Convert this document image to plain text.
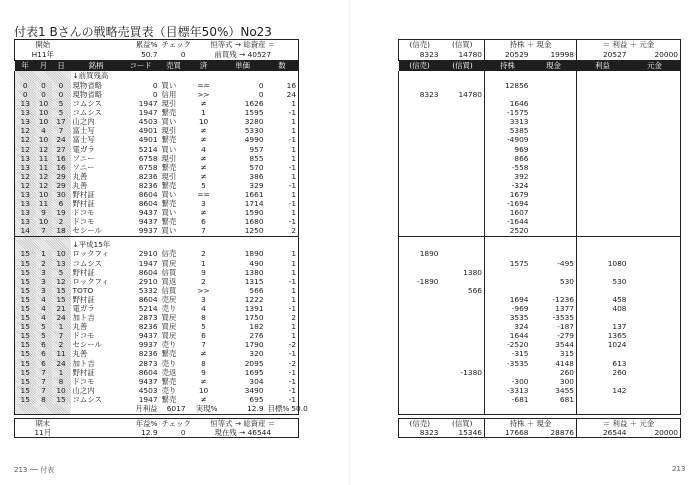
付表1 Bさんの戦略売買表（目標年50%）No23
開始			累益%		チェック	恒等式 → 総資産 ＝		
H11年			50.7		0	前買残 → 40527		
年	月	日	銘柄	コード	売買	済	単価	数
			↓前買残高					
0	0	0	現物省略	0	買い	==	0	16
0	0	0	現物省略	0	信用	>>	0	24
13	10	5	コムシス	1947	現引	≠	1626	1
13	10	5	コムシス	1947	繋売	1	1595	-1
13	10	17	山之内	4503	買い	10	3280	1
12	4	7	富士写	4901	現引	≠	5330	1
12	10	24	富士写	4901	繋売	≠	4990	-1
12	12	27	電ガラ	5214	買い	4	957	1
13	11	16	ソニー	6758	現引	≠	855	1
13	11	16	ソニー	6758	繋売	≠	570	-1
12	12	29	丸善	8236	現引	≠	386	1
12	12	29	丸善	8236	繋売	5	329	-1
13	10	30	野村証	8604	買い	==	1661	1
13	11	6	野村証	8604	繋売	3	1714	-1
13	9	19	ドコモ	9437	買い	≠	1590	1
13	10	2	ドコモ	9437	繋売	6	1680	-1
14	7	18	セシール	9937	買い	7	1250	2

			↓平成15年					
15	1	10	ロックフィ	2910	信売	2	1890	1
15	2	13	コムシス	1947	買戻	1	490	1
15	3	5	野村証	8604	信買	9	1380	1
15	3	12	ロックフィ	2910	買返	2	1315	-1
15	3	15	TOTO	5332	信買	>>	566	1
15	4	15	野村証	8604	売戻	3	1222	1
15	4	21	電ガラ	5214	売り	4	1391	-1
15	4	24	加ト吉	2873	買戻	8	1750	2
15	5	1	丸善	8236	買戻	5	182	1
15	5	7	ドコモ	9437	買戻	6	276	1
15	6	2	セシール	9937	売り	7	1790	-2
15	6	11	丸善	8236	繋売	≠	320	-1
15	6	24	加ト吉	2873	売り	8	2095	-2
15	7	1	野村証	8604	売返	9	1695	-1
15	7	8	ドコモ	9437	繋売	≠	304	-1
15	7	10	山之内	4503	売り	10	3490	-1
15	8	15	コムシス	1947	繋売	≠	695	-1
			月利益		6017	実現%	12.9	目標% 50.0

期末			年益%		チェック	恒等式 → 総資産 ＝		
11月			12.9		0	現在残 → 46544		
(信売)	(信買)	持株 ＋ 現金		＝ 利益 ＋ 元金	
8323	14780	20529	19998	20527	20000
(信売)	(信買)	持株	現金	利益	元金

		12856			
8323	14780				
		1646			
		-1575			
		3313			
		5385			
		-4909			
		969			
		866			
		-558			
		392			
		-324			
		1679			
		-1694			
		1607			
		-1644			
		2520			

1890					
		1575	-495	1080	
	1380				
-1890			530	530	
	566				
		1694	-1236	458	
		-969	1377	408	
		3535	-3535		
		324	-187	137	
		1644	-279	1365	
		-2520	3544	1024	
		-315	315		
		-3535	4148	613	
	-1380		260	260	
		-300	300		
		-3313	3455	142	
		-681	681		

(信売)	(信買)	持株 ＋ 現金		＝ 利益 ＋ 元金	
8323	15346	17668	28876	26544	20000
213 ── 付表	213
